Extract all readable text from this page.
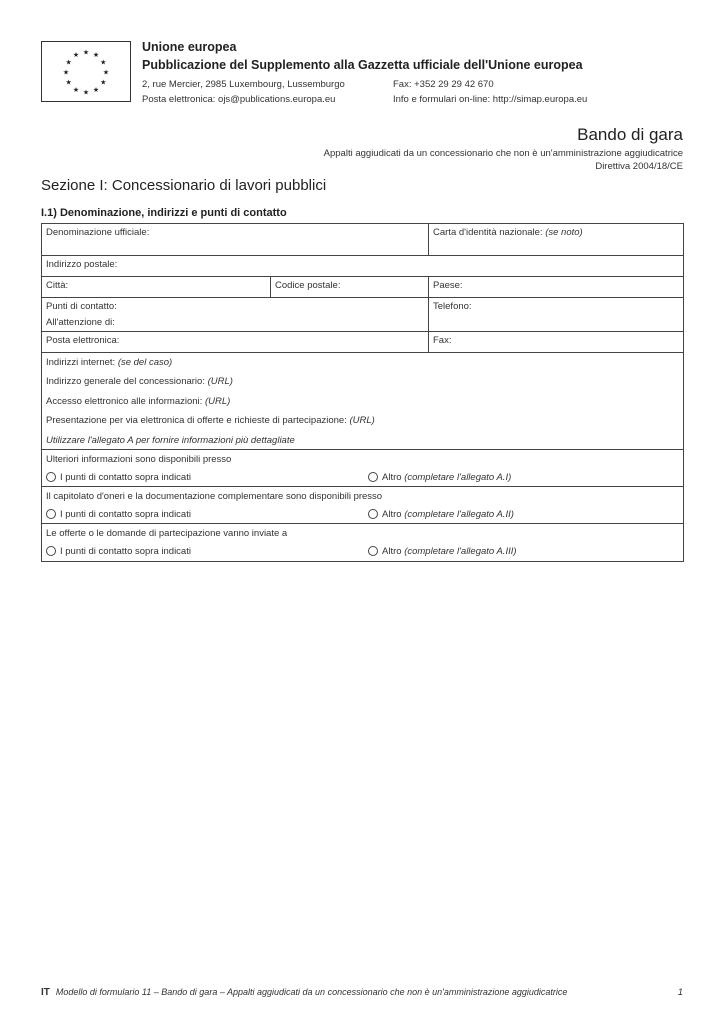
★ ★
★
★
★
★
★
★
★
★
★
★
Unione europea
Pubblicazione del Supplemento alla Gazzetta ufficiale dell'Unione europea
2, rue Mercier, 2985 Luxembourg, Lussemburgo	Fax: +352 29 29 42 670
Posta elettronica: ojs@publications.europa.eu	Info e formulari on-line: http://simap.europa.eu
Bando di gara
Appalti aggiudicati da un concessionario che non è un'amministrazione aggiudicatrice
Direttiva 2004/18/CE
Sezione I: Concessionario di lavori pubblici
I.1) Denominazione, indirizzi e punti di contatto
Denominazione ufficiale:	Carta d'identità nazionale: (se noto)
Indirizzo postale:
Città:	Codice postale:	Paese:
Punti di contatto:
All'attenzione di:
Telefono:
Posta elettronica:	Fax:
Indirizzi internet: (se del caso)
Indirizzo generale del concessionario: (URL)
Accesso elettronico alle informazioni: (URL)
Presentazione per via elettronica di offerte e richieste di partecipazione: (URL)
Utilizzare l'allegato A per fornire informazioni più dettagliate
Ulteriori informazioni sono disponibili presso
I punti di contatto sopra indicati	Altro (completare l'allegato A.I)
Il capitolato d'oneri e la documentazione complementare sono disponibili presso
I punti di contatto sopra indicati	Altro (completare l'allegato A.II)
Le offerte o le domande di partecipazione vanno inviate a
I punti di contatto sopra indicati	Altro (completare l'allegato A.III)
IT Modello di formulario 11 – Bando di gara – Appalti aggiudicati da un concessionario che non è un'amministrazione aggiudicatrice	1
